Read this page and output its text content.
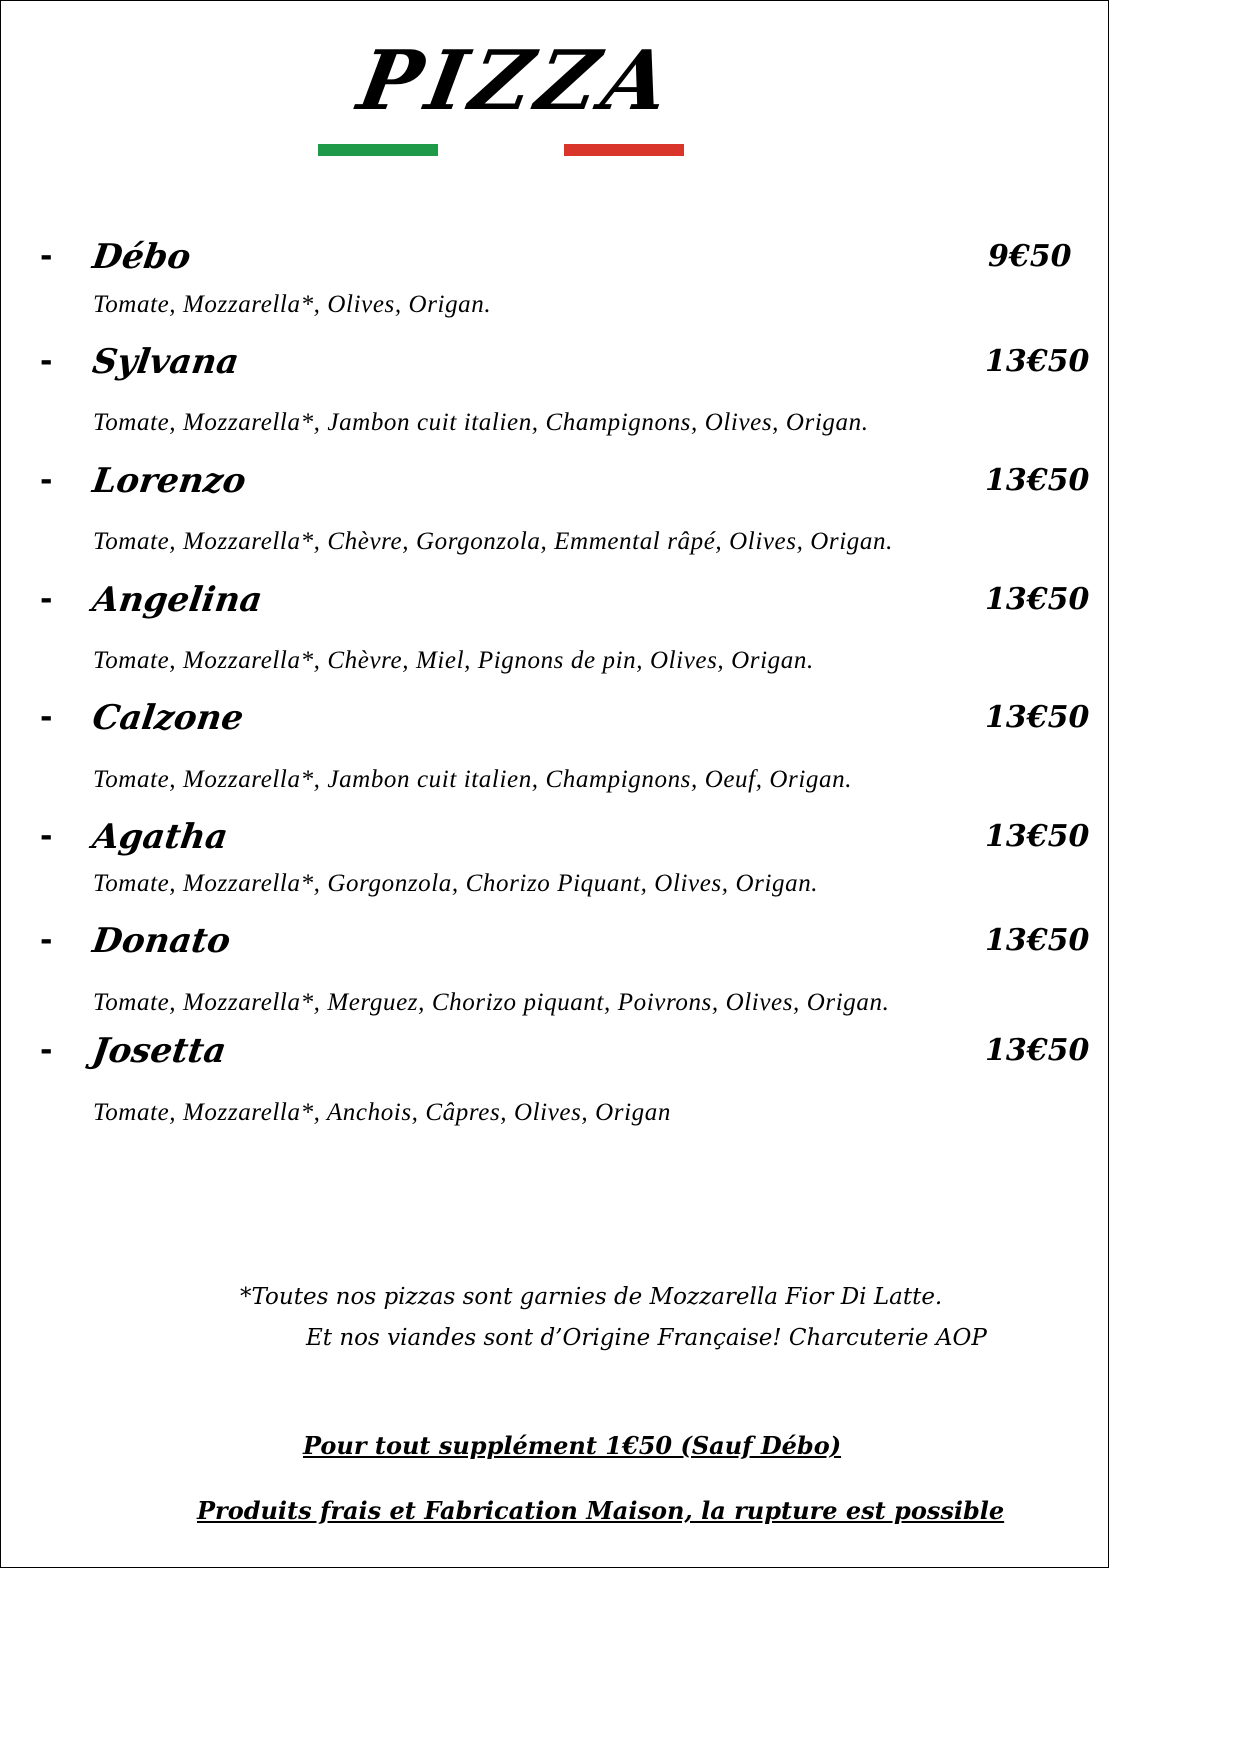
PIZZA
- Débo	9€50
Tomate, Mozzarella*, Olives, Origan.
- Sylvana	13€50
Tomate, Mozzarella*, Jambon cuit italien, Champignons, Olives, Origan.
- Lorenzo	13€50
Tomate, Mozzarella*, Chèvre, Gorgonzola, Emmental râpé, Olives, Origan.
- Angelina	13€50
Tomate, Mozzarella*, Chèvre, Miel, Pignons de pin, Olives, Origan.
- Calzone	13€50
Tomate, Mozzarella*, Jambon cuit italien, Champignons, Oeuf, Origan.
- Agatha	13€50
Tomate, Mozzarella*, Gorgonzola, Chorizo Piquant, Olives, Origan.
- Donato	13€50
Tomate, Mozzarella*, Merguez, Chorizo piquant, Poivrons, Olives, Origan.
- Josetta	13€50
Tomate, Mozzarella*, Anchois, Câpres, Olives, Origan
*Toutes nos pizzas sont garnies de Mozzarella Fior Di Latte.
Et nos viandes sont d’Origine Française! Charcuterie AOP
Pour tout supplément 1€50 (Sauf Débo)
Produits frais et Fabrication Maison, la rupture est possible
